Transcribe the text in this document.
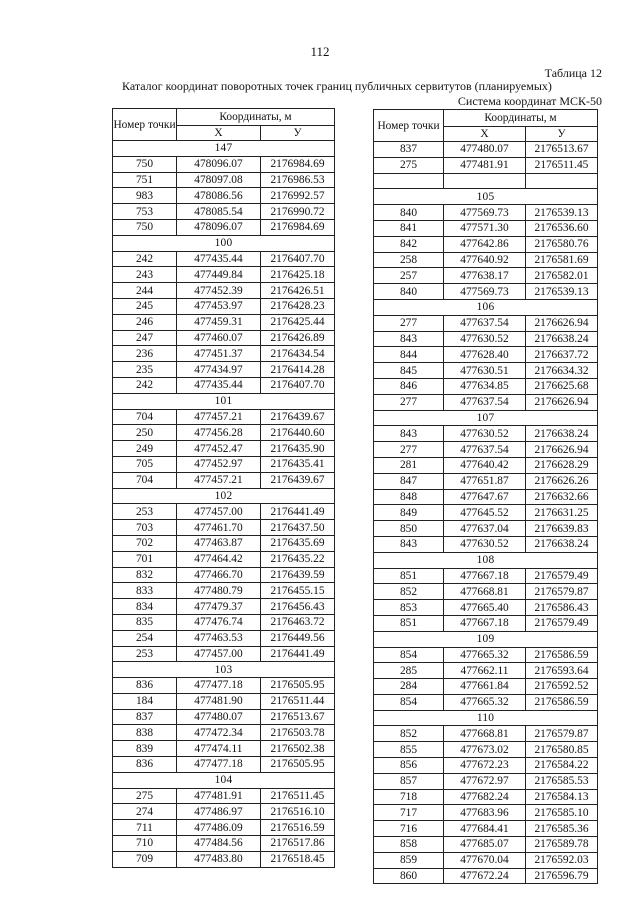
112
Таблица 12
Каталог координат поворотных точек границ публичных сервитутов (планируемых)
Система координат МСК-50
Номер точки	Координаты, м	
	X	У
147		
750	478096.07	2176984.69
751	478097.08	2176986.53
983	478086.56	2176992.57
753	478085.54	2176990.72
750	478096.07	2176984.69
100		
242	477435.44	2176407.70
243	477449.84	2176425.18
244	477452.39	2176426.51
245	477453.97	2176428.23
246	477459.31	2176425.44
247	477460.07	2176426.89
236	477451.37	2176434.54
235	477434.97	2176414.28
242	477435.44	2176407.70
101		
704	477457.21	2176439.67
250	477456.28	2176440.60
249	477452.47	2176435.90
705	477452.97	2176435.41
704	477457.21	2176439.67
102		
253	477457.00	2176441.49
703	477461.70	2176437.50
702	477463.87	2176435.69
701	477464.42	2176435.22
832	477466.70	2176439.59
833	477480.79	2176455.15
834	477479.37	2176456.43
835	477476.74	2176463.72
254	477463.53	2176449.56
253	477457.00	2176441.49
103		
836	477477.18	2176505.95
184	477481.90	2176511.44
837	477480.07	2176513.67
838	477472.34	2176503.78
839	477474.11	2176502.38
836	477477.18	2176505.95
104		
275	477481.91	2176511.45
274	477486.97	2176516.10
711	477486.09	2176516.59
710	477484.56	2176517.86
709	477483.80	2176518.45
Номер точки	Координаты, м	
	X	У
837	477480.07	2176513.67
275	477481.91	2176511.45

105		
840	477569.73	2176539.13
841	477571.30	2176536.60
842	477642.86	2176580.76
258	477640.92	2176581.69
257	477638.17	2176582.01
840	477569.73	2176539.13
106		
277	477637.54	2176626.94
843	477630.52	2176638.24
844	477628.40	2176637.72
845	477630.51	2176634.32
846	477634.85	2176625.68
277	477637.54	2176626.94
107		
843	477630.52	2176638.24
277	477637.54	2176626.94
281	477640.42	2176628.29
847	477651.87	2176626.26
848	477647.67	2176632.66
849	477645.52	2176631.25
850	477637.04	2176639.83
843	477630.52	2176638.24
108		
851	477667.18	2176579.49
852	477668.81	2176579.87
853	477665.40	2176586.43
851	477667.18	2176579.49
109		
854	477665.32	2176586.59
285	477662.11	2176593.64
284	477661.84	2176592.52
854	477665.32	2176586.59
110		
852	477668.81	2176579.87
855	477673.02	2176580.85
856	477672.23	2176584.22
857	477672.97	2176585.53
718	477682.24	2176584.13
717	477683.96	2176585.10
716	477684.41	2176585.36
858	477685.07	2176589.78
859	477670.04	2176592.03
860	477672.24	2176596.79
